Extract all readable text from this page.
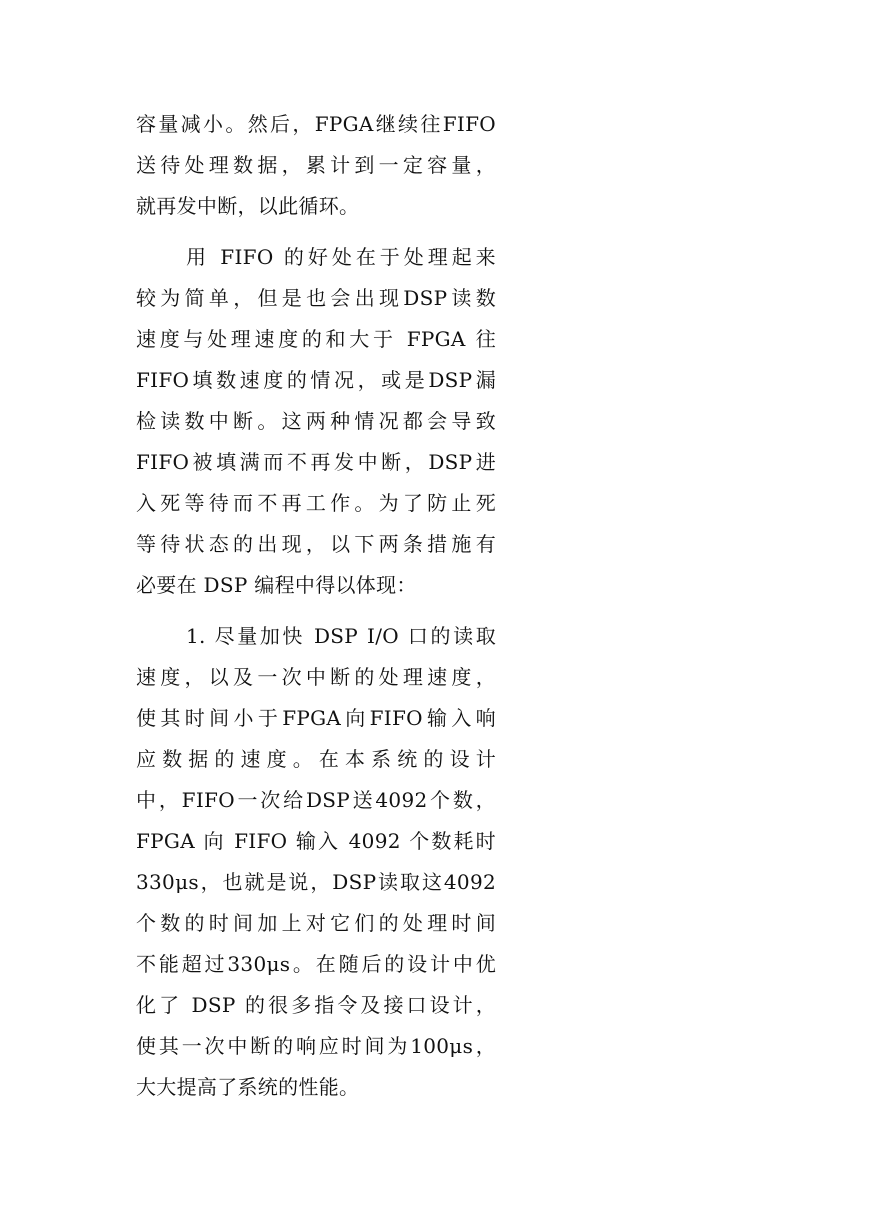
容量减小。然后，FPGA继续往FIFO
送待处理数据，累计到一定容量，
就再发中断，以此循环。
用 FIFO 的好处在于处理起来
较为简单，但是也会出现DSP读数
速度与处理速度的和大于 FPGA 往
FIFO填数速度的情况，或是DSP漏
检读数中断。这两种情况都会导致
FIFO被填满而不再发中断，DSP进
入死等待而不再工作。为了防止死
等待状态的出现，以下两条措施有
必要在 DSP 编程中得以体现：
1. 尽量加快 DSP I/O 口的读取
速度，以及一次中断的处理速度，
使其时间小于FPGA向FIFO输入响
应数据的速度。在本系统的设计
中，FIFO一次给DSP送4092个数，
FPGA 向 FIFO 输入 4092 个数耗时
330μs，也就是说，DSP读取这4092
个数的时间加上对它们的处理时间
不能超过330μs。在随后的设计中优
化了 DSP 的很多指令及接口设计，
使其一次中断的响应时间为100μs，
大大提高了系统的性能。
